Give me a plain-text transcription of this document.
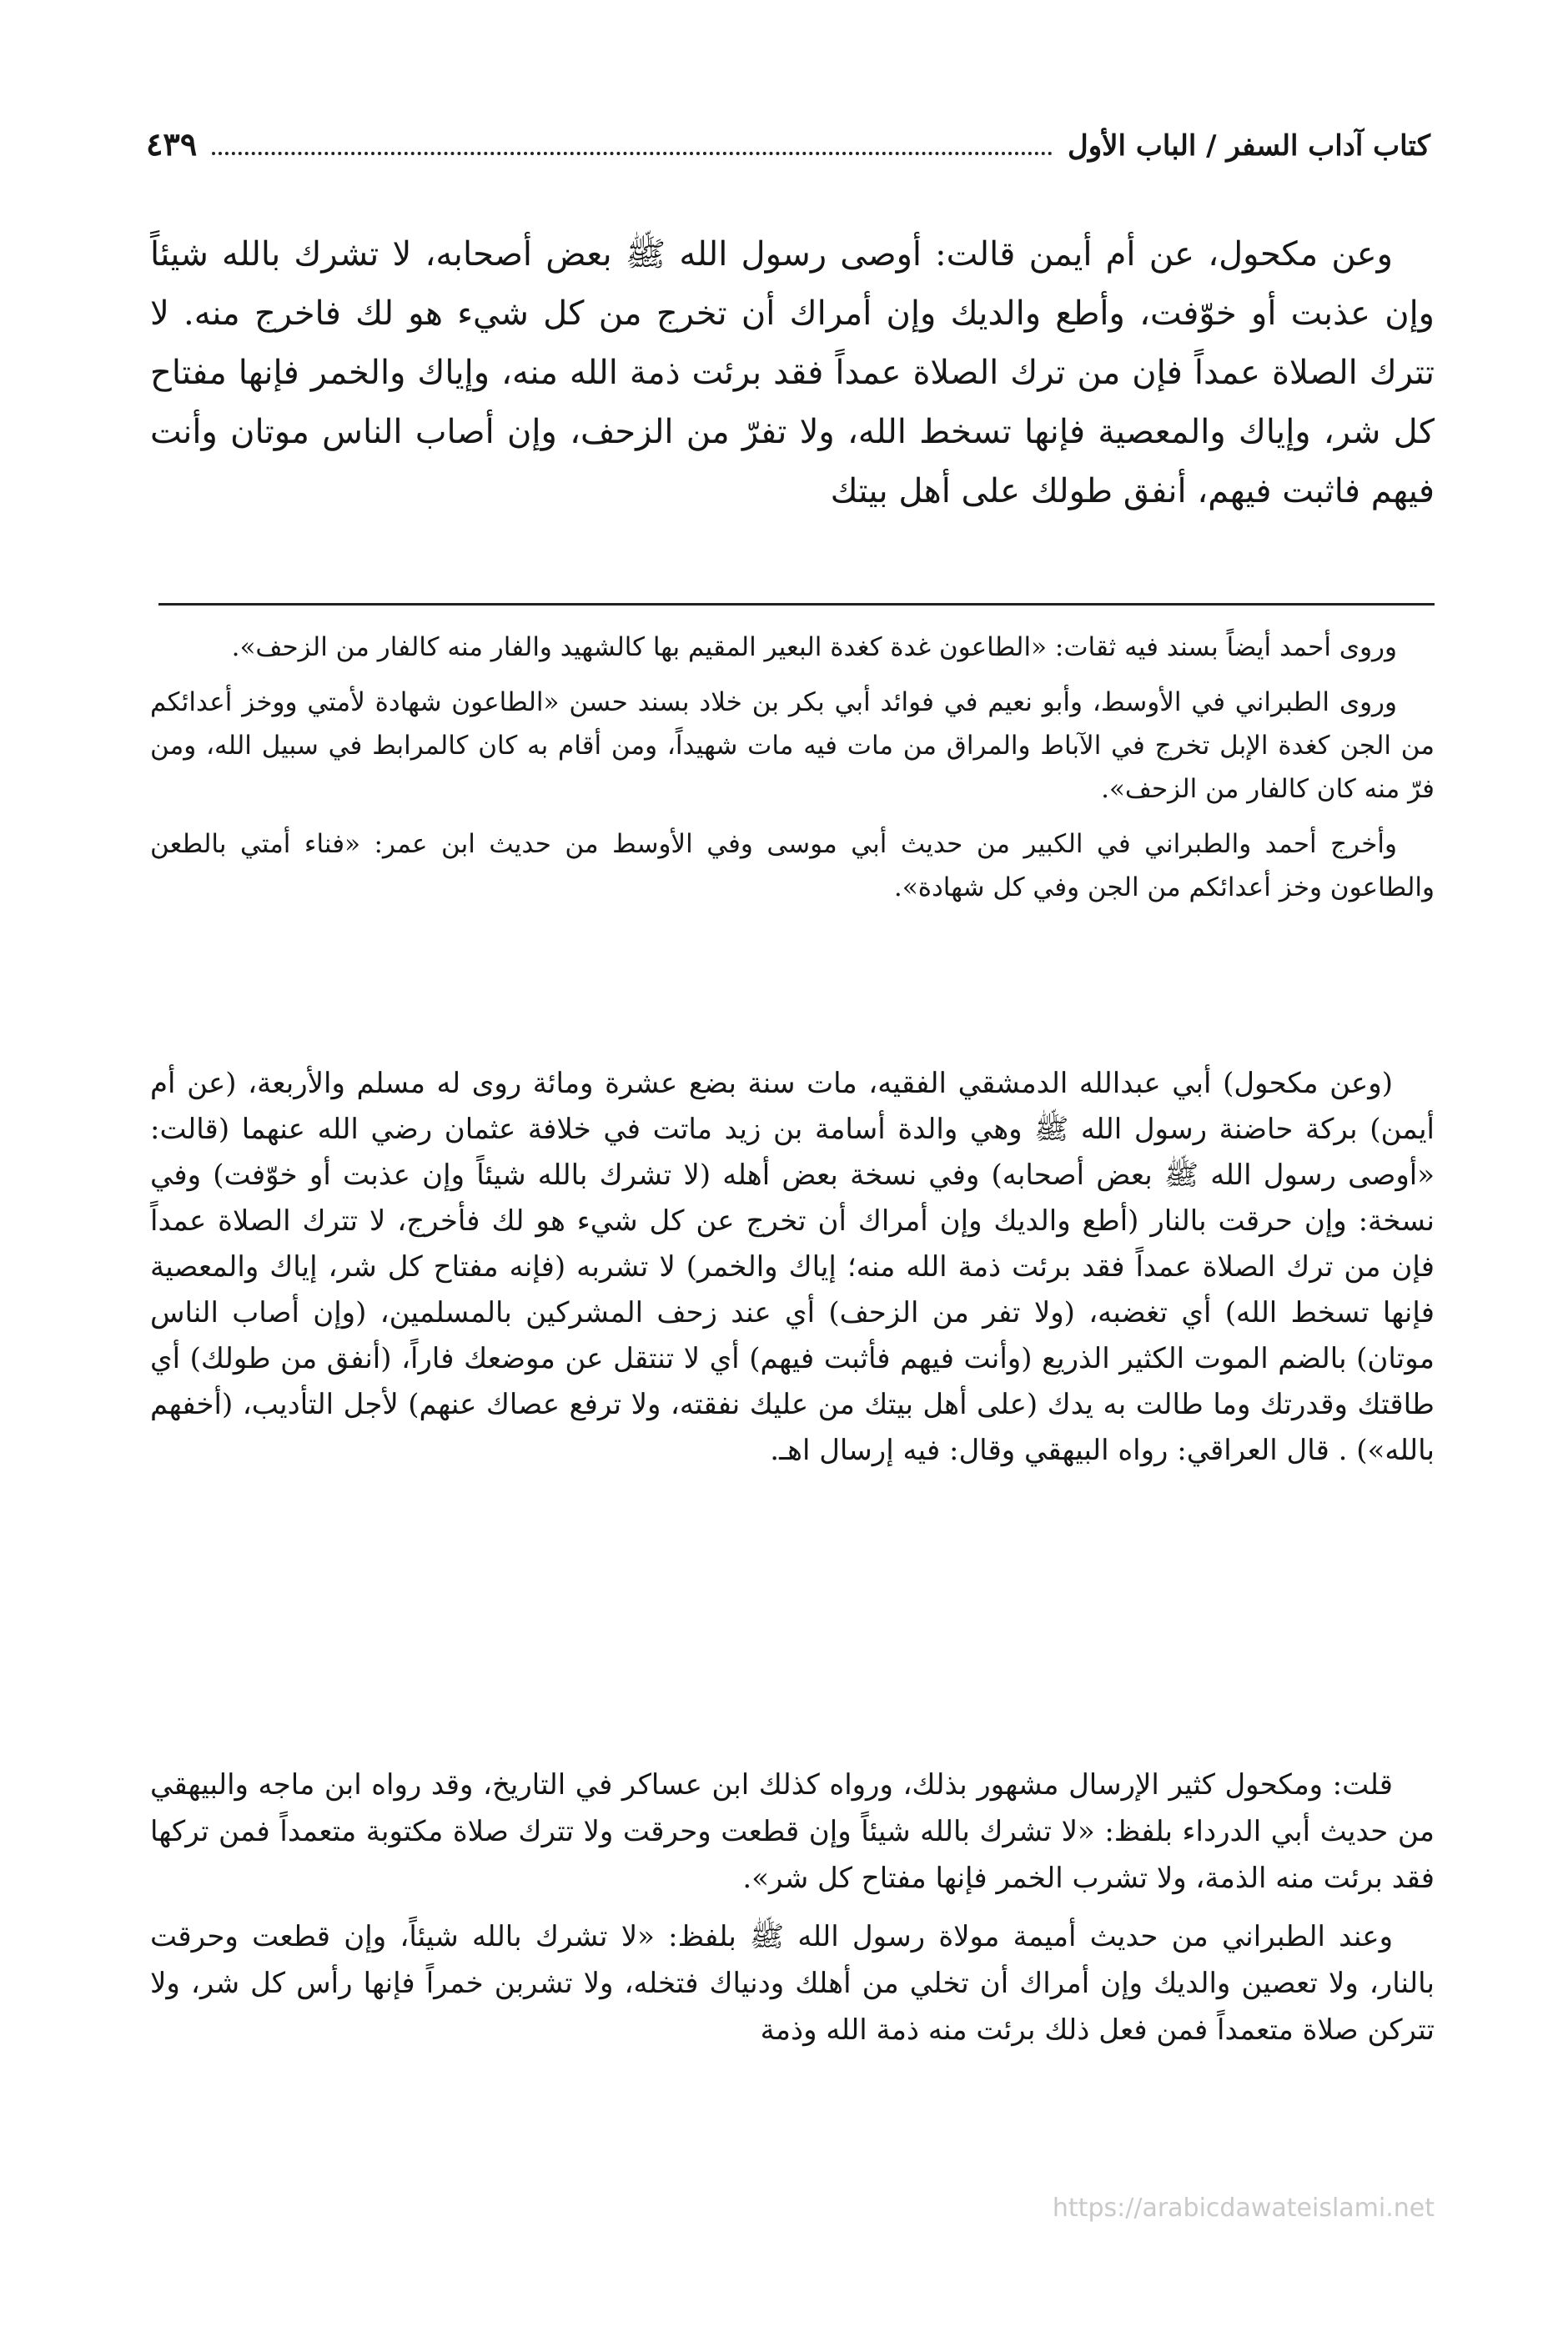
كتاب آداب السفر / الباب الأول
٤٣٩

وعن مكحول، عن أم أيمن قالت: أوصى رسول الله ﷺ بعض أصحابه، لا تشرك بالله شيئاً وإن عذبت أو خوّفت، وأطع والديك وإن أمراك أن تخرج من كل شيء هو لك فاخرج منه. لا تترك الصلاة عمداً فإن من ترك الصلاة عمداً فقد برئت ذمة الله منه، وإياك والخمر فإنها مفتاح كل شر، وإياك والمعصية فإنها تسخط الله، ولا تفرّ من الزحف، وإن أصاب الناس موتان وأنت فيهم فاثبت فيهم، أنفق طولك على أهل بيتك

وروى أحمد أيضاً بسند فيه ثقات: «الطاعون غدة كغدة البعير المقيم بها كالشهيد والفار منه كالفار من الزحف».

وروى الطبراني في الأوسط، وأبو نعيم في فوائد أبي بكر بن خلاد بسند حسن «الطاعون شهادة لأمتي ووخز أعدائكم من الجن كغدة الإبل تخرج في الآباط والمراق من مات فيه مات شهيداً، ومن أقام به كان كالمرابط في سبيل الله، ومن فرّ منه كان كالفار من الزحف».

وأخرج أحمد والطبراني في الكبير من حديث أبي موسى وفي الأوسط من حديث ابن عمر: «فناء أمتي بالطعن والطاعون وخز أعدائكم من الجن وفي كل شهادة».

(وعن مكحول) أبي عبدالله الدمشقي الفقيه، مات سنة بضع عشرة ومائة روى له مسلم والأربعة، (عن أم أيمن) بركة حاضنة رسول الله ﷺ وهي والدة أسامة بن زيد ماتت في خلافة عثمان رضي الله عنهما (قالت: «أوصى رسول الله ﷺ بعض أصحابه) وفي نسخة بعض أهله (لا تشرك بالله شيئاً وإن عذبت أو خوّفت) وفي نسخة: وإن حرقت بالنار (أطع والديك وإن أمراك أن تخرج عن كل شيء هو لك فأخرج، لا تترك الصلاة عمداً فإن من ترك الصلاة عمداً فقد برئت ذمة الله منه؛ إياك والخمر) لا تشربه (فإنه مفتاح كل شر، إياك والمعصية فإنها تسخط الله) أي تغضبه، (ولا تفر من الزحف) أي عند زحف المشركين بالمسلمين، (وإن أصاب الناس موتان) بالضم الموت الكثير الذريع (وأنت فيهم فأثبت فيهم) أي لا تنتقل عن موضعك فاراً، (أنفق من طولك) أي طاقتك وقدرتك وما طالت به يدك (على أهل بيتك من عليك نفقته، ولا ترفع عصاك عنهم) لأجل التأديب، (أخفهم بالله») . قال العراقي: رواه البيهقي وقال: فيه إرسال اهـ.

قلت: ومكحول كثير الإرسال مشهور بذلك، ورواه كذلك ابن عساكر في التاريخ، وقد رواه ابن ماجه والبيهقي من حديث أبي الدرداء بلفظ: «لا تشرك بالله شيئاً وإن قطعت وحرقت ولا تترك صلاة مكتوبة متعمداً فمن تركها فقد برئت منه الذمة، ولا تشرب الخمر فإنها مفتاح كل شر».

وعند الطبراني من حديث أميمة مولاة رسول الله ﷺ بلفظ: «لا تشرك بالله شيئاً، وإن قطعت وحرقت بالنار، ولا تعصين والديك وإن أمراك أن تخلي من أهلك ودنياك فتخله، ولا تشربن خمراً فإنها رأس كل شر، ولا تتركن صلاة متعمداً فمن فعل ذلك برئت منه ذمة الله وذمة

https://arabicdawateislami.net
